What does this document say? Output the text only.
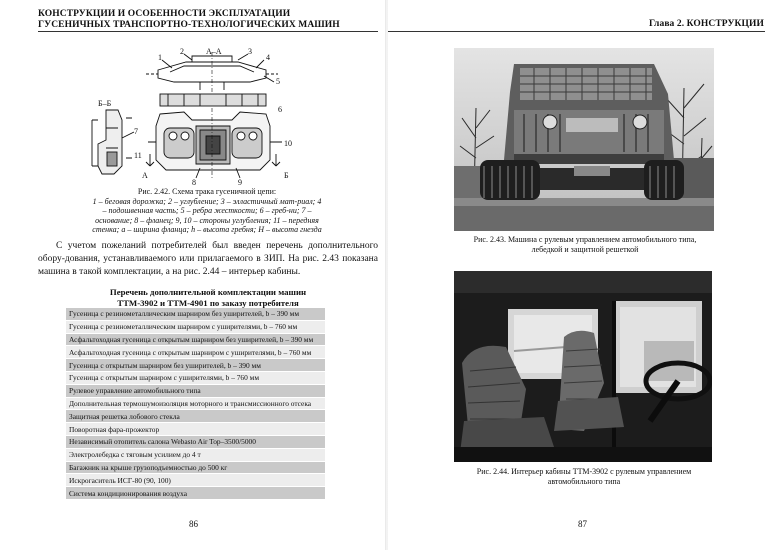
КОНСТРУКЦИИ И ОСОБЕННОСТИ ЭКСПЛУАТАЦИИ
ГУСЕНИЧНЫХ ТРАНСПОРТНО-ТЕХНОЛОГИЧЕСКИХ МАШИН
А–А
Б–Б
А	Б
1
2	3
4
5
6
7
8	9
10
11
Рис. 2.42. Схема трака гусеничной цепи:
1 – беговая дорожка; 2 – углубление; 3 – элластичный мат-риал; 4 – подошвенная часть; 5 – ребра жесткости; 6 – греб-ни; 7 – основание; 8 – фланец; 9, 10 – стороны углубления; 11 – передняя стенка; а – ширина фланца; h – высота гребня; H – высота гнезда

С учетом пожеланий потребителей был введен перечень дополнительного обору-дования, устанавливаемого или прилагаемого в ЗИП. На рис. 2.43 показана машина в такой комплектации, а на рис. 2.44 – интерьер кабины.

Перечень дополнительной комплектации машин
ТТМ-3902 и ТТМ-4901 по заказу потребителя
Гусеница с резинометаллическим шарниром без уширителей, b – 390 мм
Гусеница с резинометаллическим шарниром с уширителями, b – 760 мм
Асфальтоходная гусеница с открытым шарниром без уширителей, b – 390 мм
Асфальтоходная гусеница с открытым шарниром с уширителями, b – 760 мм
Гусеница с открытым шарниром без уширителей, b – 390 мм
Гусеница с открытым шарниром с уширителями, b – 760 мм
Рулевое управление автомобильного типа
Дополнительная термошумоизоляция моторного и трансмиссионного отсека
Защитная решетка лобового стекла
Поворотная фара-прожектор
Независимый отопитель салона Webasto Air Top–3500/5000
Электролебедка с тяговым усилием до 4 т
Багажник на крыше грузоподъемностью до 500 кг
Искрогаситель ИСГ-80 (90, 100)
Система кондиционирования воздуха
86
Глава 2. КОНСТРУКЦИИ
Рис. 2.43. Машина с рулевым управлением автомобильного типа,
лебедкой и защитной решеткой
Рис. 2.44. Интерьер кабины ТТМ-3902 с рулевым управлением
автомобильного типа
87
